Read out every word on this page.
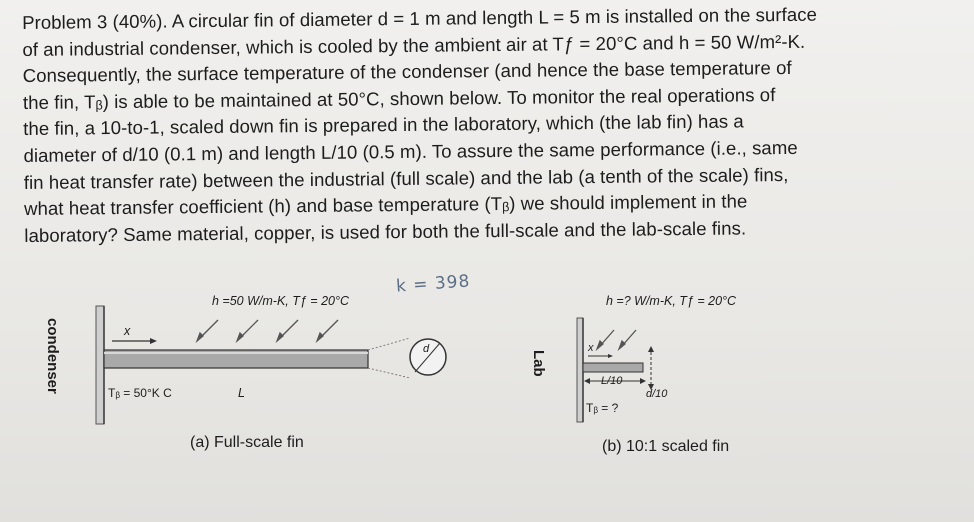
Problem 3 (40%). A circular fin of diameter d = 1 m and length L = 5 m is installed on the surface
of an industrial condenser, which is cooled by the ambient air at Tƒ = 20°C and h = 50 W/m²-K.
Consequently, the surface temperature of the condenser (and hence the base temperature of
the fin, Tᵦ) is able to be maintained at 50°C, shown below. To monitor the real operations of
the fin, a 10-to-1, scaled down fin is prepared in the laboratory, which (the lab fin) has a
diameter of d/10 (0.1 m) and length L/10 (0.5 m). To assure the same performance (i.e., same
fin heat transfer rate) between the industrial (full scale) and the lab (a tenth of the scale) fins,
what heat transfer coefficient (h) and base temperature (Tᵦ) we should implement in the
laboratory? Same material, copper, is used for both the full-scale and the lab-scale fins.
k = 398
condenser
h =50 W/m-K, Tƒ = 20°C
x
Tᵦ = 50°K C	L
d
(a) Full-scale fin
Lab
h =? W/m-K, Tƒ = 20°C
x
L/10
d/10
Tᵦ = ?
(b) 10:1 scaled fin
